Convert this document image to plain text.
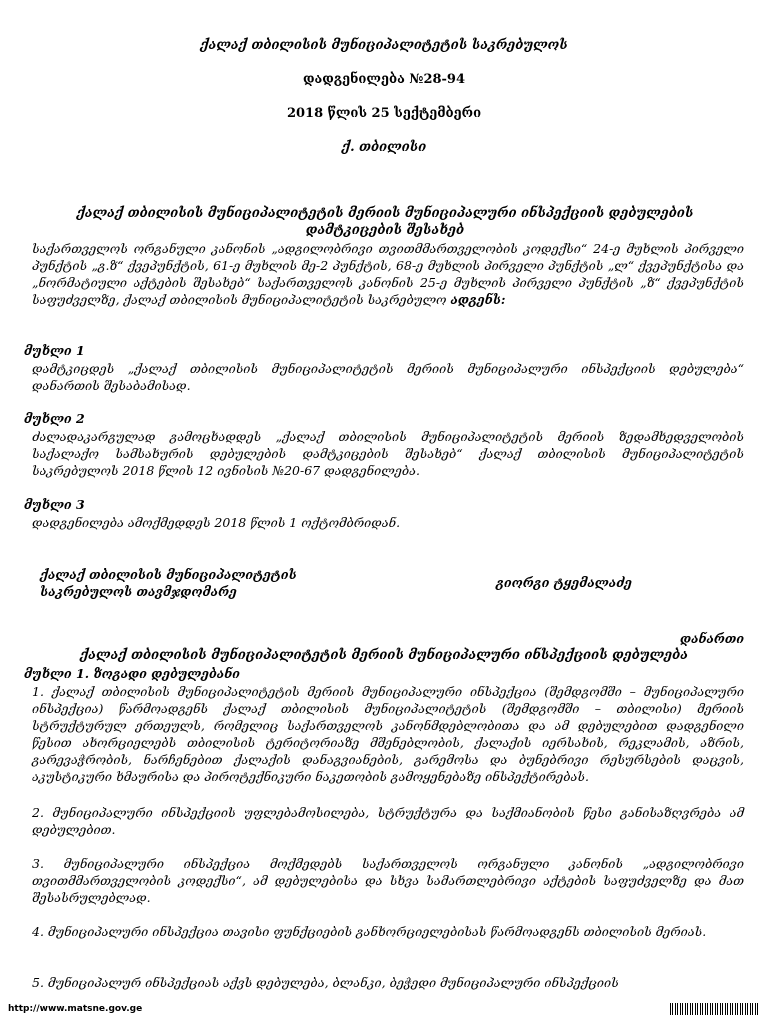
ქალაქ თბილისის მუნიციპალიტეტის საკრებულოს
დადგენილება №28-94
2018 წლის 25 სექტემბერი
ქ. თბილისი
ქალაქ თბილისის მუნიციპალიტეტის მერიის მუნიციპალური ინსპექციის დებულების დამტკიცების შესახებ
საქართველოს ორგანული კანონის „ადგილობრივი თვითმმართველობის კოდექსი“ 24-ე მუხლის პირველი პუნქტის „გ.ზ“ ქვეპუნქტის, 61-ე მუხლის მე-2 პუნქტის, 68-ე მუხლის პირველი პუნქტის „ლ“ ქვეპუნქტისა და „ნორმატიული აქტების შესახებ“ საქართველოს კანონის 25-ე მუხლის პირველი პუნქტის „ზ“ ქვეპუნქტის საფუძველზე, ქალაქ თბილისის მუნიციპალიტეტის საკრებულო ადგენს:
მუხლი 1
დამტკიცდეს „ქალაქ თბილისის მუნიციპალიტეტის მერიის მუნიციპალური ინსპექციის დებულება“ დანართის შესაბამისად.
მუხლი 2
ძალადაკარგულად გამოცხადდეს „ქალაქ თბილისის მუნიციპალიტეტის მერიის ზედამხედველობის საქალაქო სამსახურის დებულების დამტკიცების შესახებ“ ქალაქ თბილისის მუნიციპალიტეტის საკრებულოს 2018 წლის 12 ივნისის №20-67 დადგენილება.
მუხლი 3
დადგენილება ამოქმედდეს 2018 წლის 1 ოქტომბრიდან.
ქალაქ თბილისის მუნიციპალიტეტის
საკრებულოს თავმჯდომარე
გიორგი ტყემალაძე
დანართი
ქალაქ თბილისის მუნიციპალიტეტის მერიის მუნიციპალური ინსპექციის დებულება
მუხლი 1. ზოგადი დებულებანი
1. ქალაქ თბილისის მუნიციპალიტეტის მერიის მუნიციპალური ინსპექცია (შემდგომში – მუნიციპალური ინსპექცია) წარმოადგენს ქალაქ თბილისის მუნიციპალიტეტის (შემდგომში – თბილისი) მერიის სტრუქტურულ ერთეულს, რომელიც საქართველოს კანონმდებლობითა და ამ დებულებით დადგენილი წესით ახორციელებს თბილისის ტერიტორიაზე მშენებლობის, ქალაქის იერსახის, რეკლამის, აზრის, გარევაჭრობის, ნარჩენებით ქალაქის დანაგვიანების, გარემოსა და ბუნებრივი რესურსების დაცვის, აკუსტიკური ხმაურისა და პიროტექნიკური ნაკეთობის გამოყენებაზე ინსპექტირებას.
2. მუნიციპალური ინსპექციის უფლებამოსილება, სტრუქტურა და საქმიანობის წესი განისაზღვრება ამ დებულებით.
3. მუნიციპალური ინსპექცია მოქმედებს საქართველოს ორგანული კანონის „ადგილობრივი თვითმმართველობის კოდექსი“, ამ დებულებისა და სხვა სამართლებრივი აქტების საფუძველზე და მათ შესასრულებლად.
4. მუნიციპალური ინსპექცია თავისი ფუნქციების განხორციელებისას წარმოადგენს თბილისის მერიას.
5. მუნიციპალურ ინსპექციას აქვს დებულება, ბლანკი, ბეჭედი მუნიციპალური ინსპექციის
http://www.matsne.gov.ge
